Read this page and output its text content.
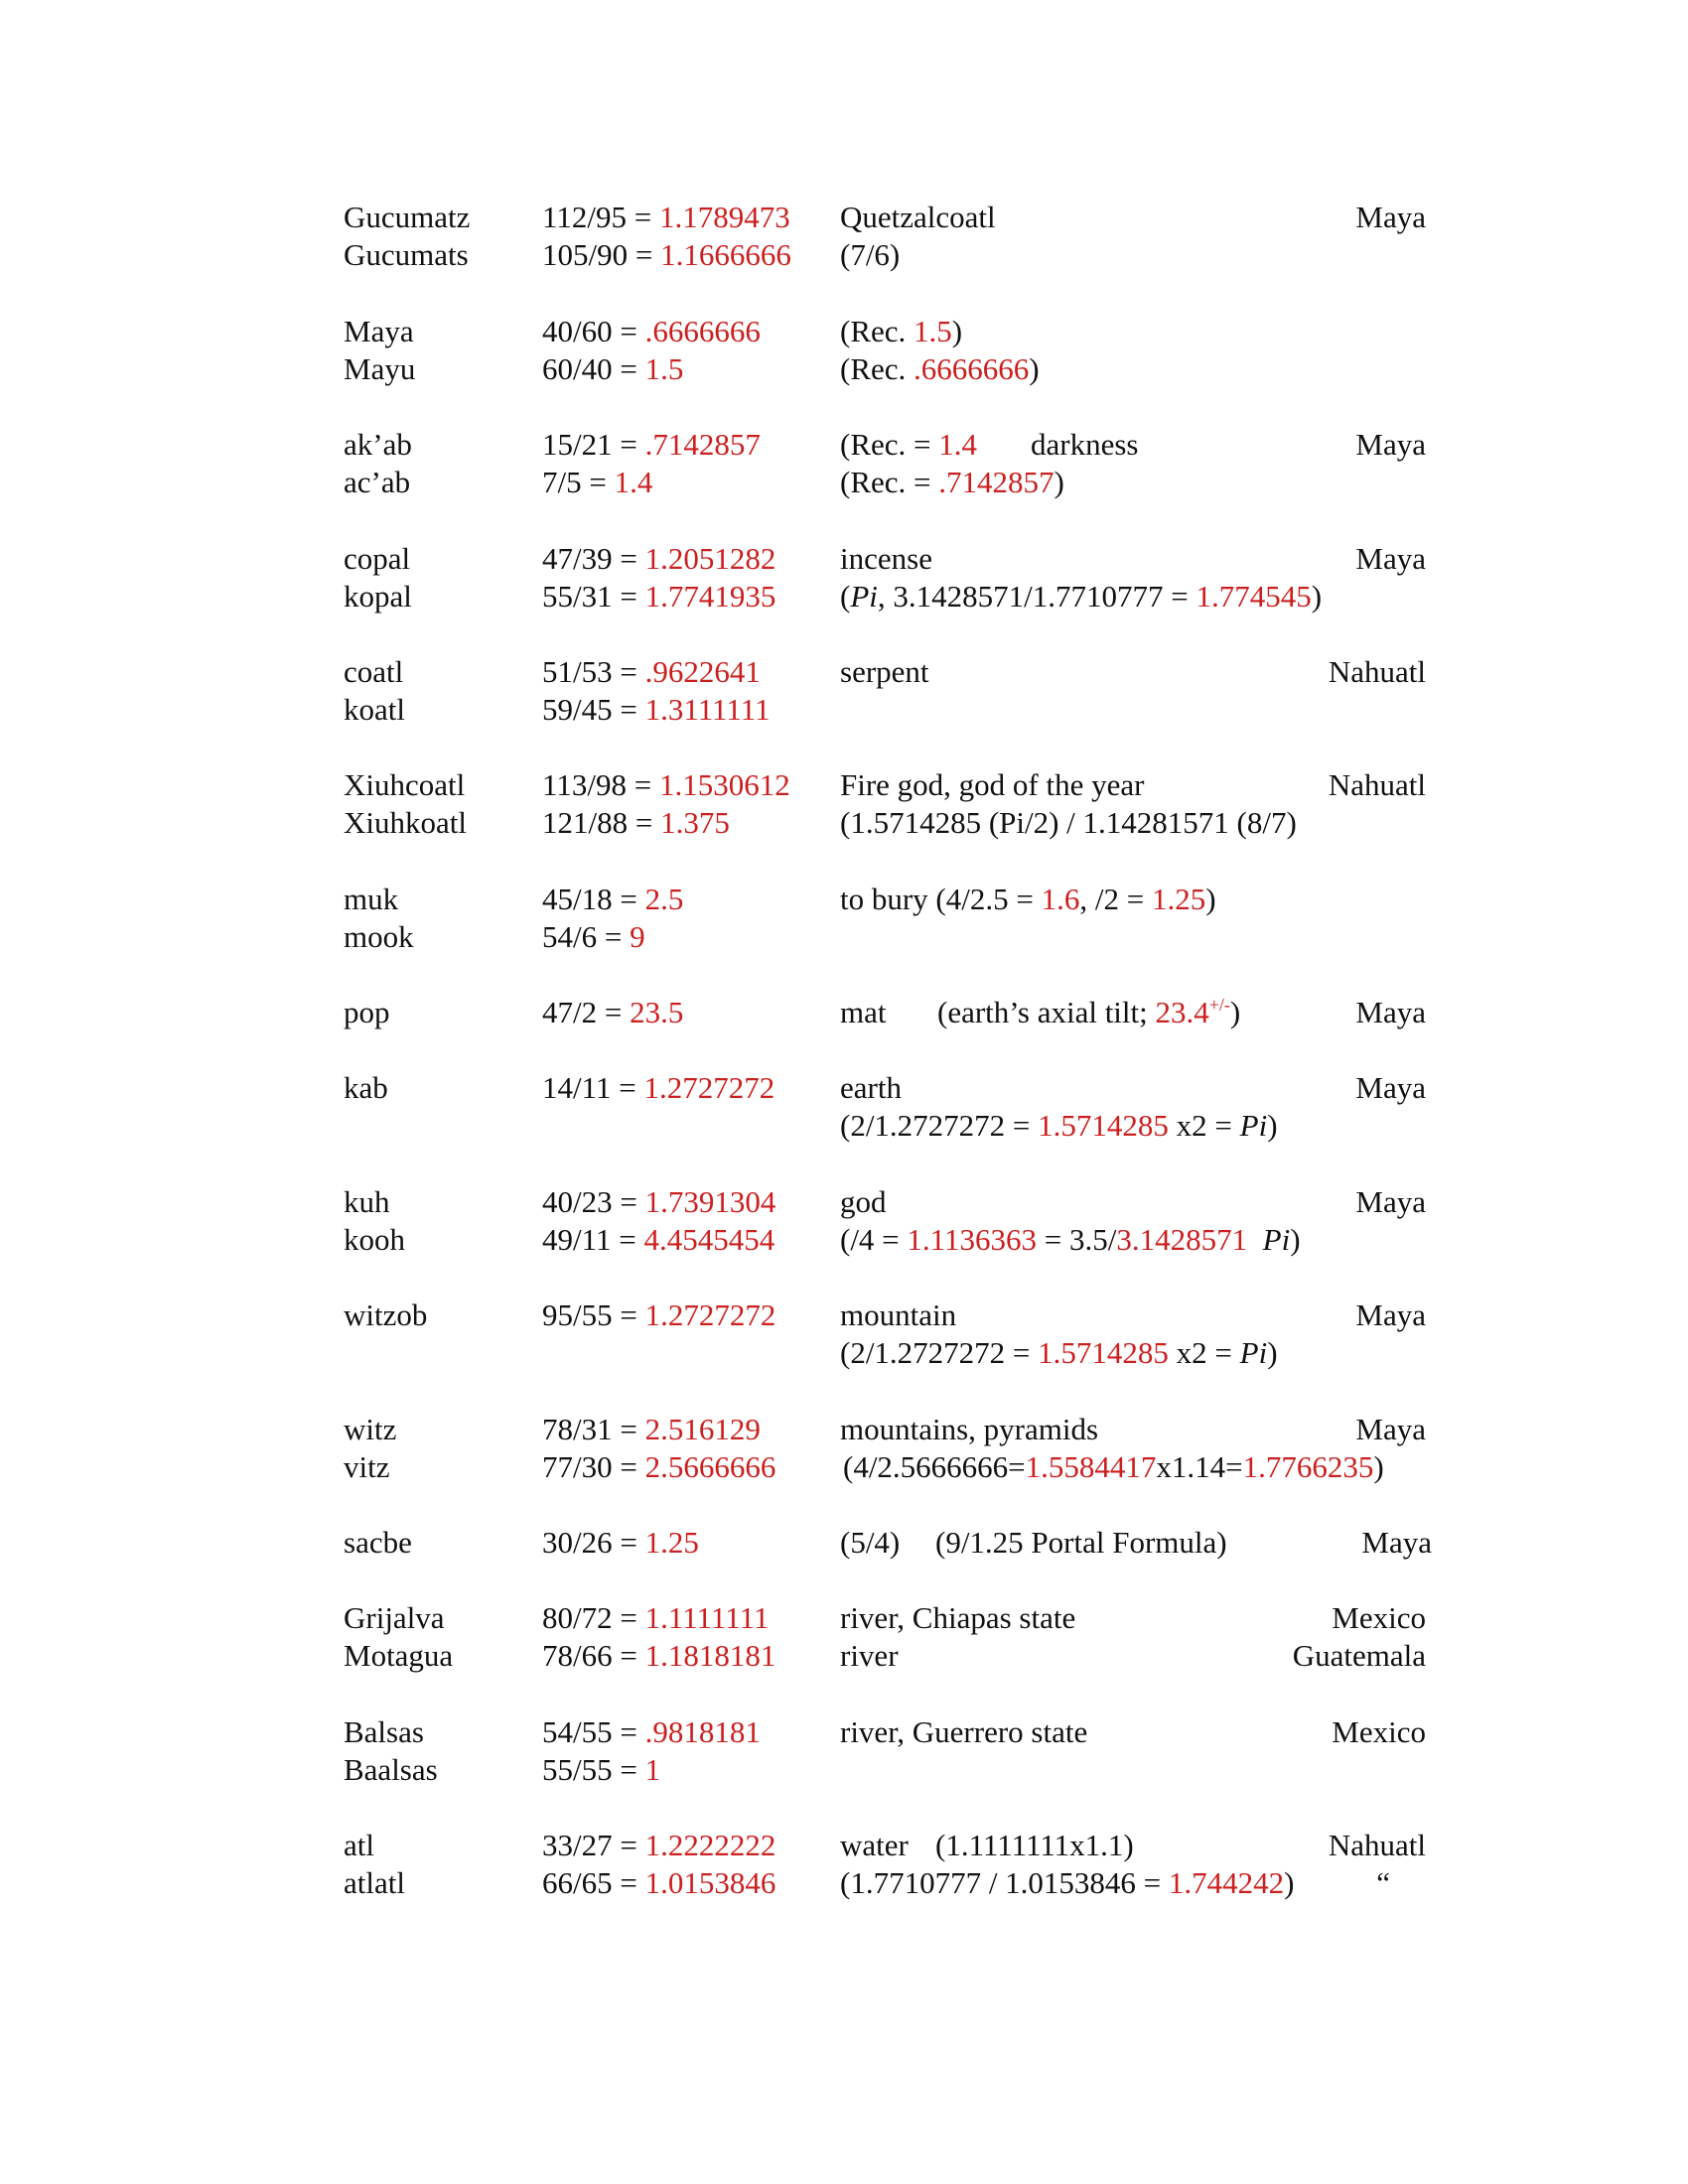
Gucumatz 112/95 = 1.1789473 Quetzalcoatl	Maya
Gucumats 105/90 = 1.1666666 (7/6)
Maya	40/60 = .6666666	(Rec. 1.5)
Mayu	60/40 = 1.5	(Rec. .6666666)
ak’ab	15/21 = .7142857	(Rec. = 1.4 darkness	Maya
ac’ab	7/5 = 1.4	(Rec. = .7142857)
copal	47/39 = 1.2051282 incense	Maya
kopal	55/31 = 1.7741935 (Pi, 3.1428571/1.7710777 = 1.774545)
coatl	51/53 = .9622641	serpent	Nahuatl
koatl	59/45 = 1.3111111
Xiuhcoatl	113/98 = 1.1530612 Fire god, god of the year	Nahuatl
Xiuhkoatl 121/88 = 1.375	(1.5714285 (Pi/2) / 1.14281571 (8/7)
muk	45/18 = 2.5	to bury (4/2.5 = 1.6, /2 = 1.25)
mook	54/6 = 9
pop	47/2 = 23.5	mat (earth’s axial tilt; 23.4+/-)	Maya
kab	14/11 = 1.2727272 earth	Maya
(2/1.2727272 = 1.5714285 x2 = Pi)
kuh	40/23 = 1.7391304 god	Maya
kooh	49/11 = 4.4545454 (/4 = 1.1136363 = 3.5/3.1428571 Pi)
witzob	95/55 = 1.2727272 mountain	Maya
(2/1.2727272 = 1.5714285 x2 = Pi)
witz	78/31 = 2.516129	mountains, pyramids	Maya
vitz	77/30 = 2.5666666 (4/2.5666666=1.5584417x1.14=1.7766235)
sacbe	30/26 = 1.25	(5/4) (9/1.25 Portal Formula)	Maya
Grijalva	80/72 = 1.1111111 river, Chiapas state	Mexico
Motagua	78/66 = 1.1818181 river	Guatemala
Balsas	54/55 = .9818181	river, Guerrero state	Mexico
Baalsas	55/55 = 1
atl	33/27 = 1.2222222 water (1.1111111x1.1)	Nahuatl
atlatl	66/65 = 1.0153846 (1.7710777 / 1.0153846 = 1.744242)	“
